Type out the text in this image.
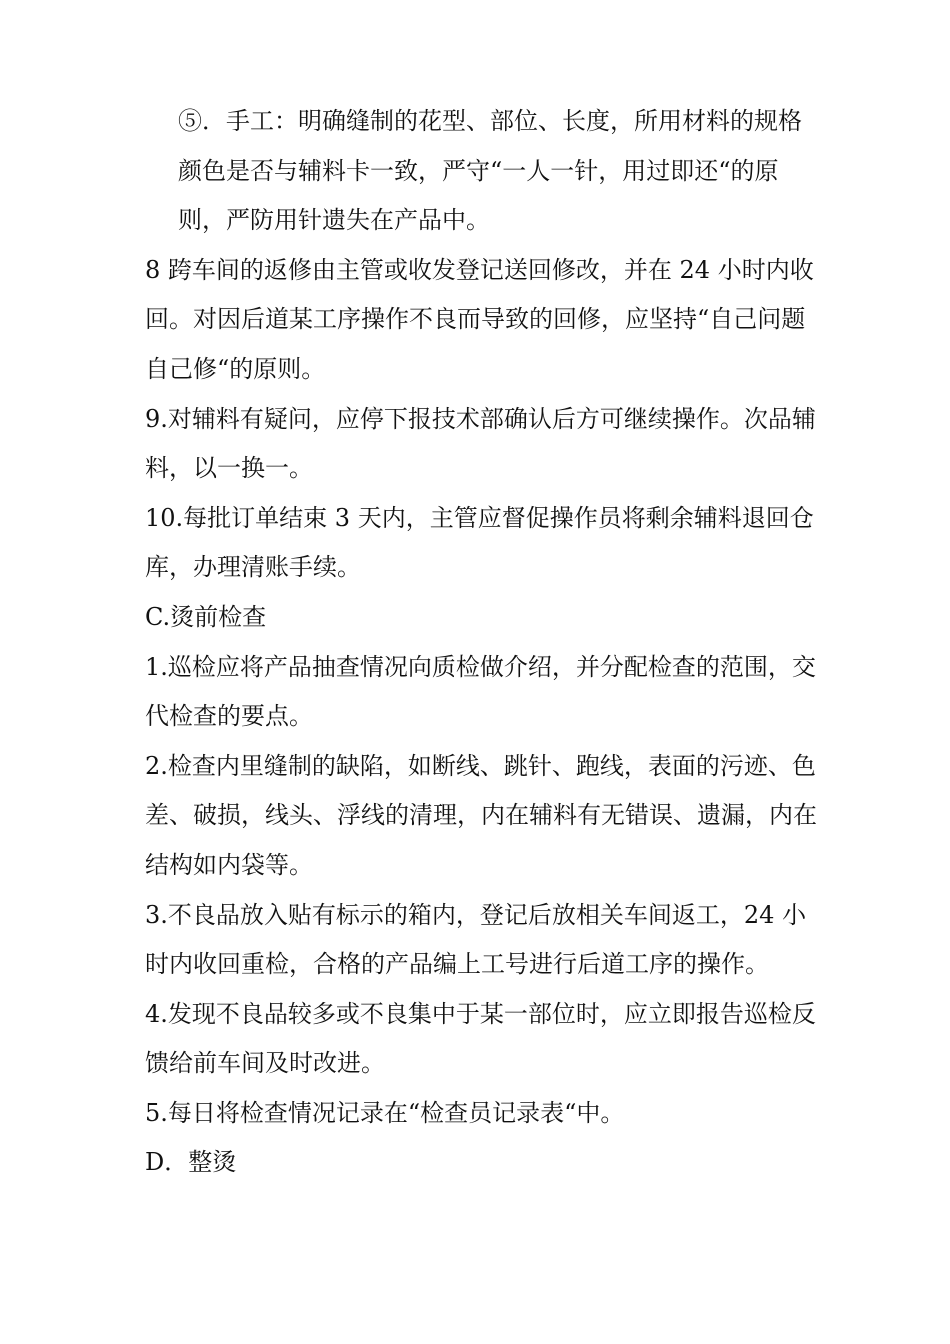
⑤．手工：明确缝制的花型、部位、长度，所用材料的规格颜色是否与辅料卡一致，严守“一人一针，用过即还“的原则，严防用针遗失在产品中。

8 跨车间的返修由主管或收发登记送回修改，并在 24 小时内收回。对因后道某工序操作不良而导致的回修，应坚持“自己问题自己修“的原则。

9.对辅料有疑问，应停下报技术部确认后方可继续操作。次品辅料，以一换一。

10.每批订单结束 3 天内，主管应督促操作员将剩余辅料退回仓库，办理清账手续。

C.烫前检查

1.巡检应将产品抽查情况向质检做介绍，并分配检查的范围，交代检查的要点。

2.检查内里缝制的缺陷，如断线、跳针、跑线，表面的污迹、色差、破损，线头、浮线的清理，内在辅料有无错误、遗漏，内在结构如内袋等。

3.不良品放入贴有标示的箱内，登记后放相关车间返工，24 小时内收回重检，合格的产品编上工号进行后道工序的操作。

4.发现不良品较多或不良集中于某一部位时，应立即报告巡检反馈给前车间及时改进。

5.每日将检查情况记录在“检查员记录表“中。

D．整烫
